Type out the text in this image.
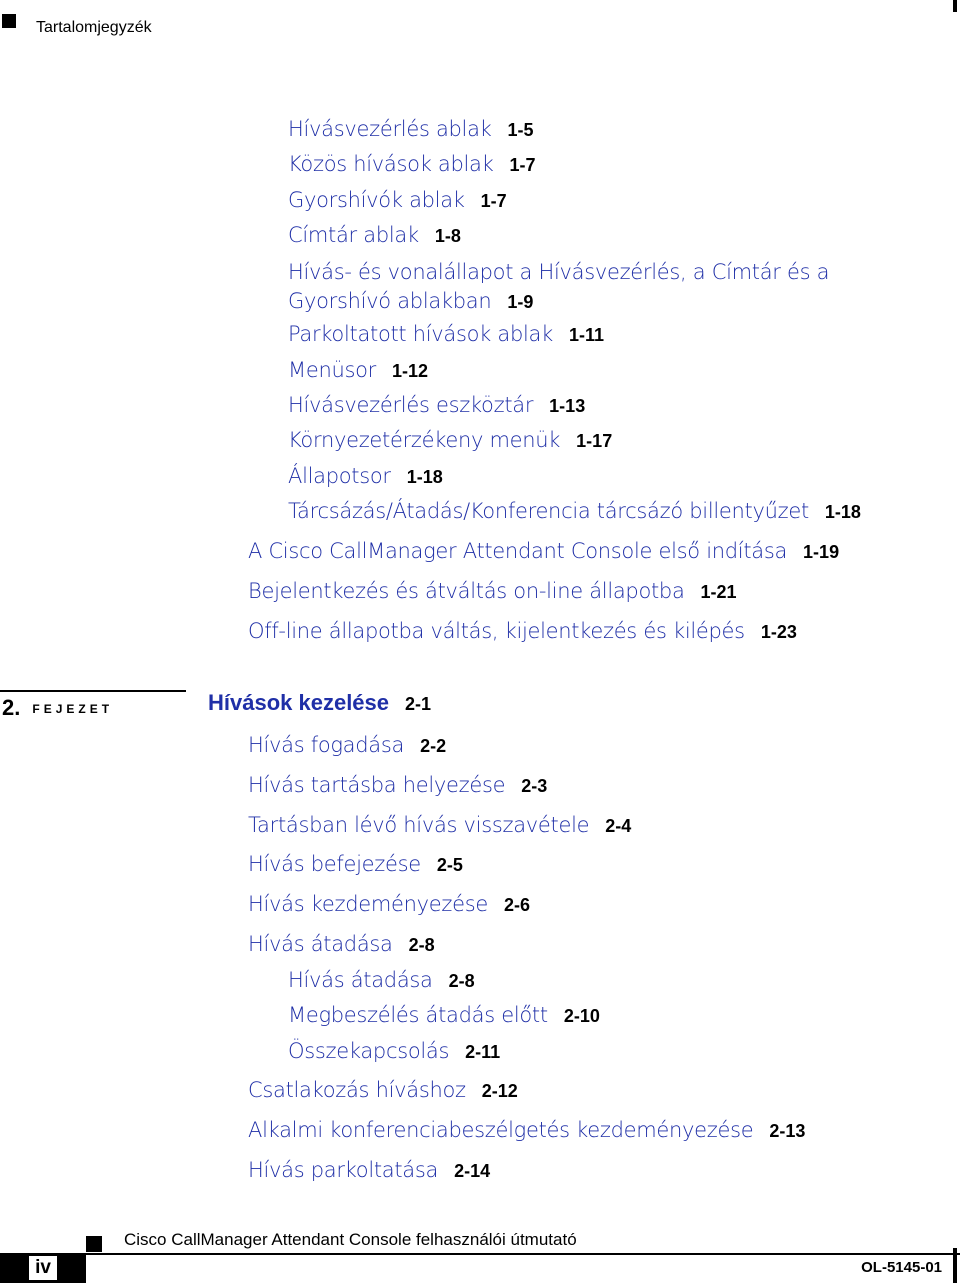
Tartalomjegyzék
Hívásvezérlés ablak 1-5
Közös hívások ablak 1-7
Gyorshívók ablak 1-7
Címtár ablak 1-8
Hívás- és vonalállapot a Hívásvezérlés, a Címtár és a Gyorshívó ablakban 1-9
Parkoltatott hívások ablak 1-11
Menüsor 1-12
Hívásvezérlés eszköztár 1-13
Környezetérzékeny menük 1-17
Állapotsor 1-18
Tárcsázás/Átadás/Konferencia tárcsázó billentyűzet 1-18
A Cisco CallManager Attendant Console első indítása 1-19
Bejelentkezés és átváltás on-line állapotba 1-21
Off-line állapotba váltás, kijelentkezés és kilépés 1-23
2. FEJEZET	Hívások kezelése 2-1
Hívás fogadása 2-2
Hívás tartásba helyezése 2-3
Tartásban lévő hívás visszavétele 2-4
Hívás befejezése 2-5
Hívás kezdeményezése 2-6
Hívás átadása 2-8
Hívás átadása 2-8
Megbeszélés átadás előtt 2-10
Összekapcsolás 2-11
Csatlakozás híváshoz 2-12
Alkalmi konferenciabeszélgetés kezdeményezése 2-13
Hívás parkoltatása 2-14
Cisco CallManager Attendant Console felhasználói útmutató
iv	OL-5145-01
